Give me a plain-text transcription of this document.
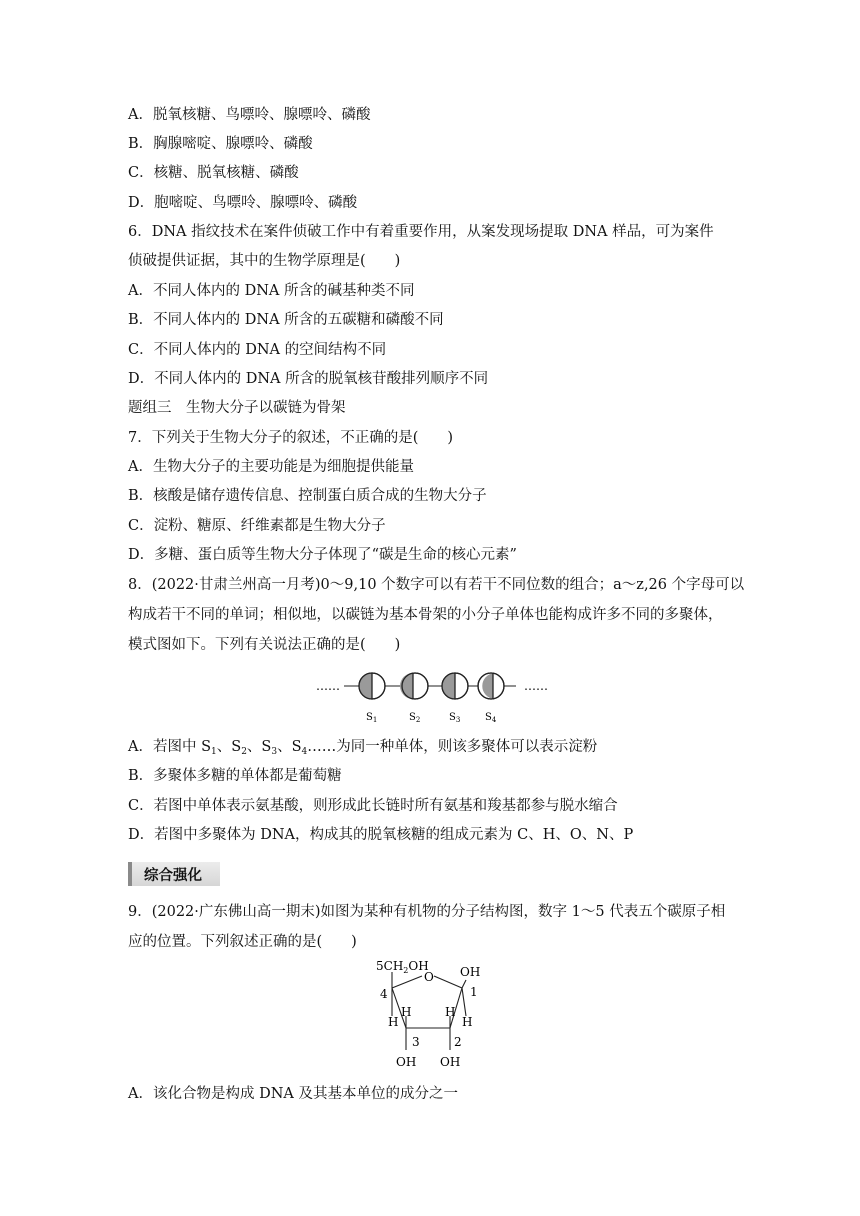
A．脱氧核糖、鸟嘌呤、腺嘌呤、磷酸
B．胸腺嘧啶、腺嘌呤、磷酸
C．核糖、脱氧核糖、磷酸
D．胞嘧啶、鸟嘌呤、腺嘌呤、磷酸
6．DNA 指纹技术在案件侦破工作中有着重要作用，从案发现场提取 DNA 样品，可为案件
侦破提供证据，其中的生物学原理是(　　)
A．不同人体内的 DNA 所含的碱基种类不同
B．不同人体内的 DNA 所含的五碳糖和磷酸不同
C．不同人体内的 DNA 的空间结构不同
D．不同人体内的 DNA 所含的脱氧核苷酸排列顺序不同
题组三　生物大分子以碳链为骨架
7．下列关于生物大分子的叙述，不正确的是(　　)
A．生物大分子的主要功能是为细胞提供能量
B．核酸是储存遗传信息、控制蛋白质合成的生物大分子
C．淀粉、糖原、纤维素都是生物大分子
D．多糖、蛋白质等生物大分子体现了“碳是生命的核心元素”
8．(2022·甘肃兰州高一月考)0～9,10 个数字可以有若干不同位数的组合；a～z,26 个字母可以
构成若干不同的单词；相似地，以碳链为基本骨架的小分子单体也能构成许多不同的多聚体，
模式图如下。下列有关说法正确的是(　　)
……	……
$S_1$	$S_2$	$S_3$ $S_4$
A．若图中 $S_1$、$S_2$、$S_3$、$S_4\dots\dots$为同一种单体，则该多聚体可以表示淀粉
B．多聚体多糖的单体都是葡萄糖
C．若图中单体表示氨基酸，则形成此长链时所有氨基和羧基都参与脱水缩合
D．若图中多聚体为 DNA，构成其的脱氧核糖的组成元素为 C、H、O、N、P
综合强化
9．(2022·广东佛山高一期末)如图为某种有机物的分子结构图，数字 1～5 代表五个碳原子相
应的位置。下列叙述正确的是(　　)
$5CH_2OH$
O OH
4	1
H
H	H
H
3	2
OH OH
A．该化合物是构成 DNA 及其基本单位的成分之一
